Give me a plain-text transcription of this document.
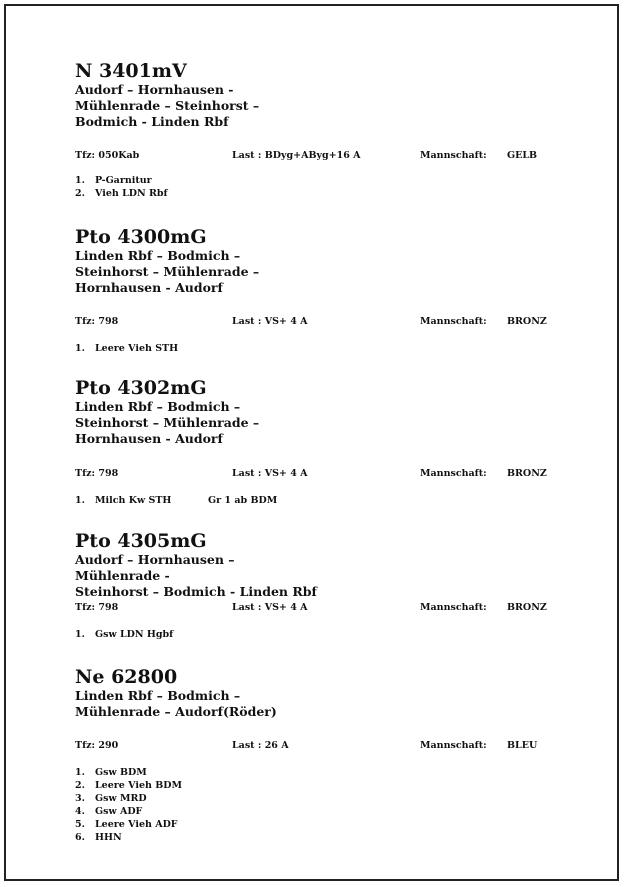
N 3401mV
Audorf – Hornhausen -
Mühlenrade – Steinhorst –
Bodmich - Linden Rbf
Tfz: 050Kab	Last : BDyg+AByg+16 A	Mannschaft: GELB
1. P-Garnitur
2. Vieh LDN Rbf
Pto 4300mG
Linden Rbf – Bodmich –
Steinhorst – Mühlenrade –
Hornhausen - Audorf
Tfz: 798	Last : VS+ 4 A	Mannschaft: BRONZ
1. Leere Vieh STH
Pto 4302mG
Linden Rbf – Bodmich –
Steinhorst – Mühlenrade –
Hornhausen - Audorf
Tfz: 798	Last : VS+ 4 A	Mannschaft: BRONZ
1. Milch Kw STH	Gr 1 ab BDM
Pto 4305mG
Audorf – Hornhausen –
Mühlenrade -
Steinhorst – Bodmich - Linden Rbf
Tfz: 798	Last : VS+ 4 A	Mannschaft: BRONZ
1. Gsw LDN Hgbf
Ne 62800
Linden Rbf – Bodmich –
Mühlenrade – Audorf(Röder)
Tfz: 290	Last : 26 A	Mannschaft: BLEU
1. Gsw BDM
2. Leere Vieh BDM
3. Gsw MRD
4. Gsw ADF
5. Leere Vieh ADF
6. HHN
